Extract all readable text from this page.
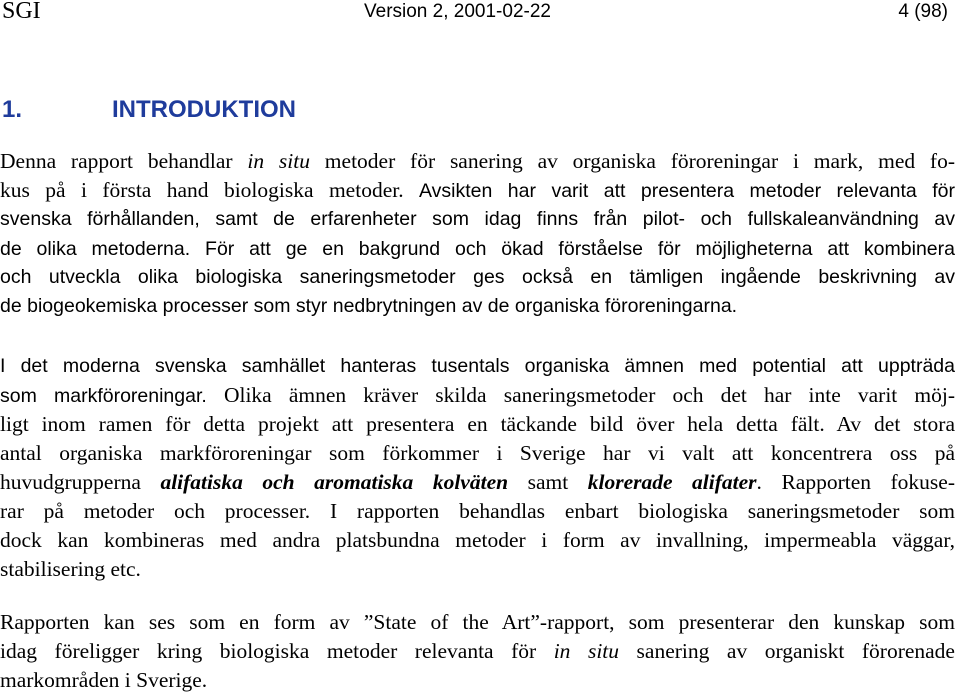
SGI	Version 2, 2001-02-22	4 (98)
1.	INTRODUKTION
Denna rapport behandlar in situ metoder för sanering av organiska föroreningar i mark, med fo-
kus på i första hand biologiska metoder. Avsikten har varit att presentera metoder relevanta för
svenska förhållanden, samt de erfarenheter som idag finns från pilot- och fullskaleanvändning av
de olika metoderna. För att ge en bakgrund och ökad förståelse för möjligheterna att kombinera
och utveckla olika biologiska saneringsmetoder ges också en tämligen ingående beskrivning av
de biogeokemiska processer som styr nedbrytningen av de organiska föroreningarna.
I det moderna svenska samhället hanteras tusentals organiska ämnen med potential att uppträda
som markföroreningar. Olika ämnen kräver skilda saneringsmetoder och det har inte varit möj-
ligt inom ramen för detta projekt att presentera en täckande bild över hela detta fält. Av det stora
antal organiska markföroreningar som förkommer i Sverige har vi valt att koncentrera oss på
huvudgrupperna alifatiska och aromatiska kolväten samt klorerade alifater. Rapporten fokuse-
rar på metoder och processer. I rapporten behandlas enbart biologiska saneringsmetoder som
dock kan kombineras med andra platsbundna metoder i form av invallning, impermeabla väggar,
stabilisering etc.
Rapporten kan ses som en form av ”State of the Art”-rapport, som presenterar den kunskap som
idag föreligger kring biologiska metoder relevanta för in situ sanering av organiskt förorenade
markområden i Sverige.
